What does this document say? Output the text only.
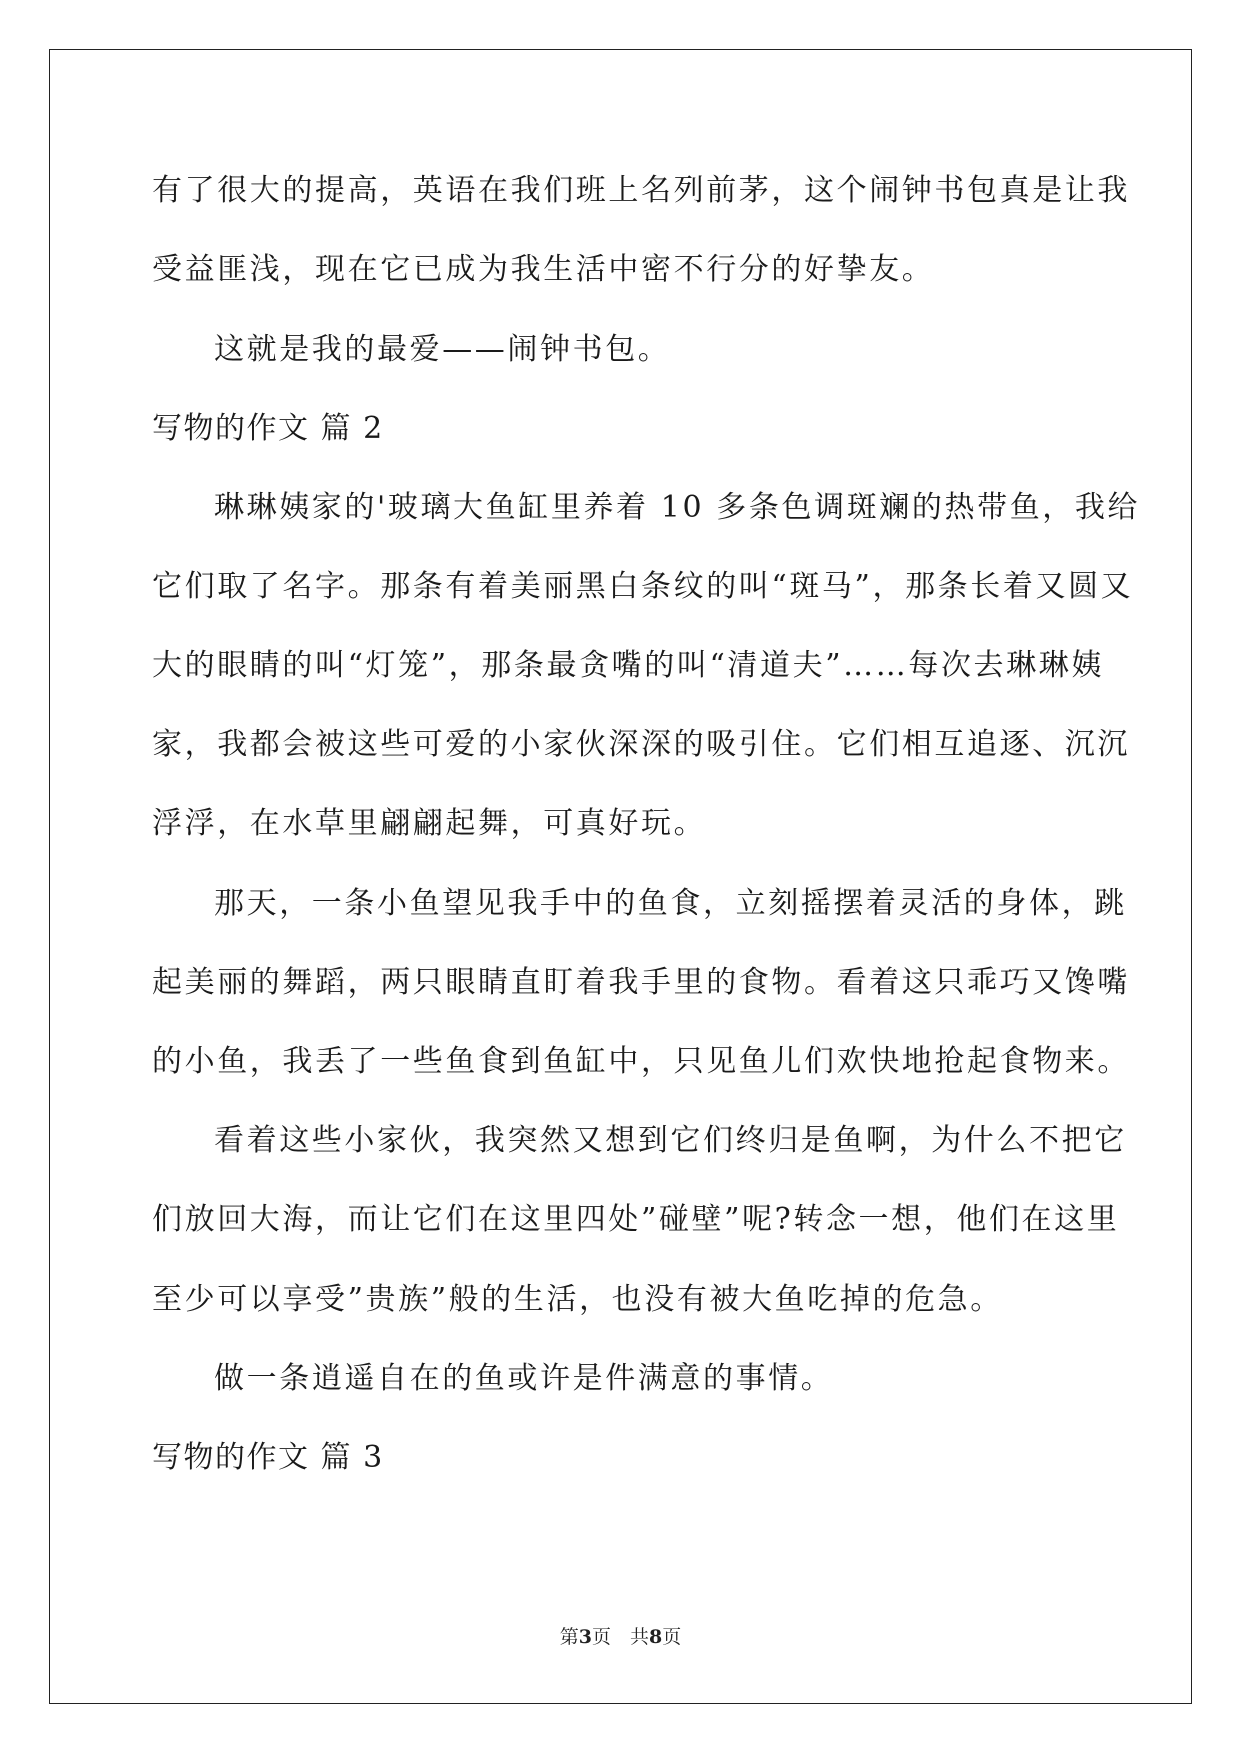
有了很大的提高，英语在我们班上名列前茅，这个闹钟书包真是让我
受益匪浅，现在它已成为我生活中密不行分的好挚友。
这就是我的最爱——闹钟书包。
写物的作文 篇 2
琳琳姨家的'玻璃大鱼缸里养着 10 多条色调斑斓的热带鱼，我给
它们取了名字。那条有着美丽黑白条纹的叫“斑马”，那条长着又圆又
大的眼睛的叫“灯笼”，那条最贪嘴的叫“清道夫”……每次去琳琳姨
家，我都会被这些可爱的小家伙深深的吸引住。它们相互追逐、沉沉
浮浮，在水草里翩翩起舞，可真好玩。
那天，一条小鱼望见我手中的鱼食，立刻摇摆着灵活的身体，跳
起美丽的舞蹈，两只眼睛直盯着我手里的食物。看着这只乖巧又馋嘴
的小鱼，我丢了一些鱼食到鱼缸中，只见鱼儿们欢快地抢起食物来。
看着这些小家伙，我突然又想到它们终归是鱼啊，为什么不把它
们放回大海，而让它们在这里四处”碰壁”呢?转念一想，他们在这里
至少可以享受”贵族”般的生活，也没有被大鱼吃掉的危急。
做一条逍遥自在的鱼或许是件满意的事情。
写物的作文 篇 3
第3页　共8页
